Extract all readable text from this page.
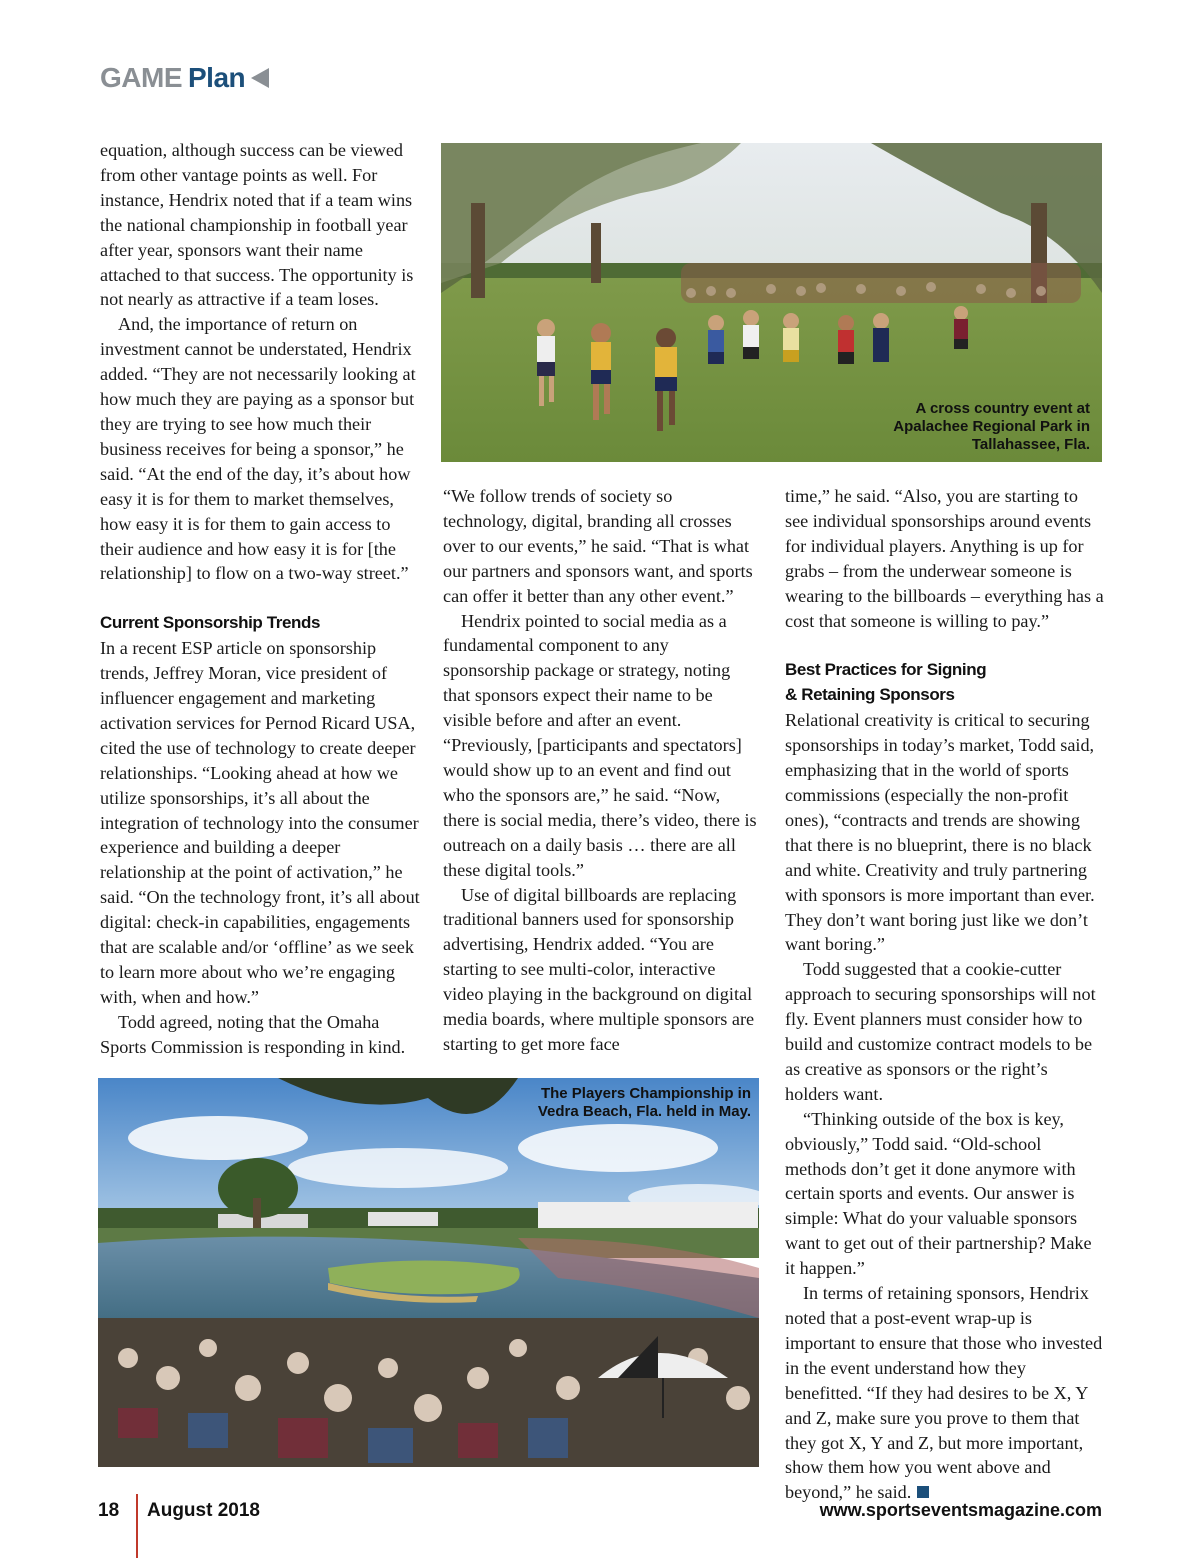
GAME Plan

equation, although success can be viewed from other vantage points as well. For instance, Hendrix noted that if a team wins the national championship in football year after year, sponsors want their name attached to that success. The opportunity is not nearly as attractive if a team loses.

And, the importance of return on investment cannot be understated, Hendrix added. “They are not necessarily looking at how much they are paying as a sponsor but they are trying to see how much their business receives for being a sponsor,” he said. “At the end of the day, it’s about how easy it is for them to market themselves, how easy it is for them to gain access to their audience and how easy it is for [the relationship] to flow on a two-way street.”

Current Sponsorship Trends

In a recent ESP article on sponsorship trends, Jeffrey Moran, vice president of influencer engagement and marketing activation services for Pernod Ricard USA, cited the use of technology to create deeper relationships. “Looking ahead at how we utilize sponsorships, it’s all about the integration of technology into the consumer experience and building a deeper relationship at the point of activation,” he said. “On the technology front, it’s all about digital: check-in capabilities, engagements that are scalable and/or ‘offline’ as we seek to learn more about who we’re engaging with, when and how.”

Todd agreed, noting that the Omaha Sports Commission is responding in kind.

A cross country event at
Apalachee Regional Park in
Tallahassee, Fla.

“We follow trends of society so technology, digital, branding all crosses over to our events,” he said. “That is what our partners and sponsors want, and sports can offer it better than any other event.”

Hendrix pointed to social media as a fundamental component to any sponsorship package or strategy, noting that sponsors expect their name to be visible before and after an event. “Previously, [participants and spectators] would show up to an event and find out who the sponsors are,” he said. “Now, there is social media, there’s video, there is outreach on a daily basis … there are all these digital tools.”

Use of digital billboards are replacing traditional banners used for sponsorship advertising, Hendrix added. “You are starting to see multi-color, interactive video playing in the background on digital media boards, where multiple sponsors are starting to get more face

time,” he said. “Also, you are starting to see individual sponsorships around events for individual players. Anything is up for grabs – from the underwear someone is wearing to the billboards – everything has a cost that someone is willing to pay.”

Best Practices for Signing
& Retaining Sponsors

Relational creativity is critical to securing sponsorships in today’s market, Todd said, emphasizing that in the world of sports commissions (especially the non-profit ones), “contracts and trends are showing that there is no blueprint, there is no black and white. Creativity and truly partnering with sponsors is more important than ever. They don’t want boring just like we don’t want boring.”

Todd suggested that a cookie-cutter approach to securing sponsorships will not fly. Event planners must consider how to build and customize contract models to be as creative as sponsors or the right’s holders want.

“Thinking outside of the box is key, obviously,” Todd said. “Old-school methods don’t get it done anymore with certain sports and events. Our answer is simple: What do your valuable sponsors want to get out of their partnership? Make it happen.”

In terms of retaining sponsors, Hendrix noted that a post-event wrap-up is important to ensure that those who invested in the event understand how they benefitted. “If they had desires to be X, Y and Z, make sure you prove to them that they got X, Y and Z, but more important, show them how you went above and beyond,” he said.

The Players Championship in
Vedra Beach, Fla. held in May.
18 August 2018	www.sportseventsmagazine.com
